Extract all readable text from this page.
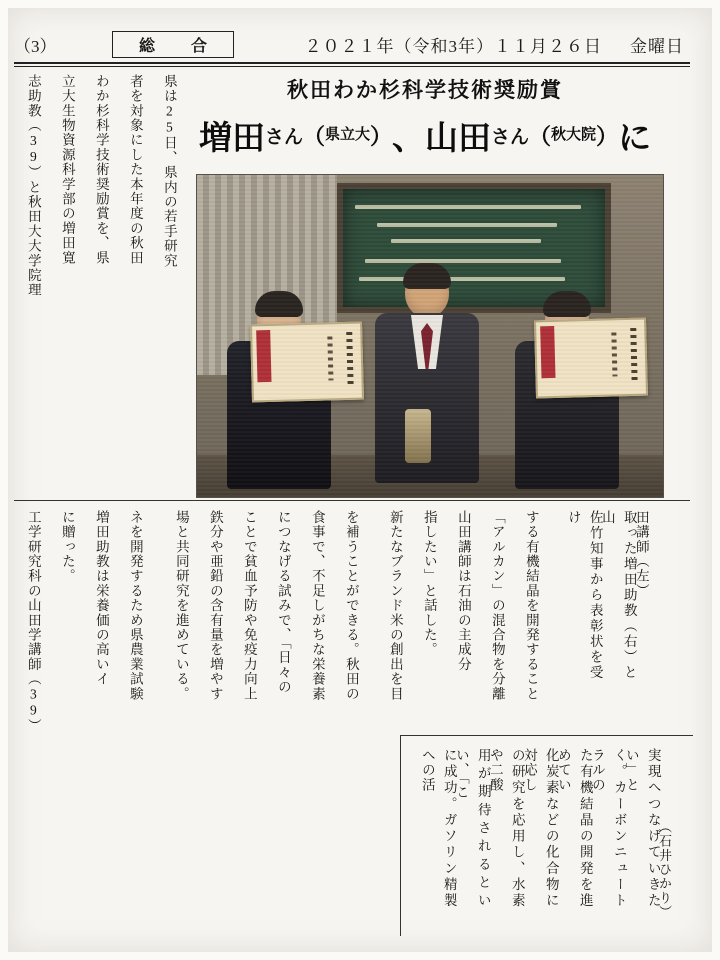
（3）	総　合	２０２１年（令和3年）１１月２６日 金曜日
秋田わか杉科学技術奨励賞
増田 さん （ 県立大 ） 、山田 さん （ 秋大院 ） に
志助教（39）と秋田大大学院理 立大生物資源科学部の増田寛 わか杉科学技術奨励賞を、県 者を対象にした本年度の秋田 県は25日、県内の若手研究
工学研究科の山田学講師（39） に贈った。 増田助教は栄養価の高いイ ネを開発するため県農業試験 場と共同研究を進めている。 鉄分や亜鉛の含有量を増やす ことで貧血予防や免疫力向上 につなげる試みで、「日々の 食事で、不足しがちな栄養素 を補うことができる。秋田の 新たなブランド米の創出を目 指したい」と話した。 山田講師は石油の主成分 「アルカン」の混合物を分離 する有機結晶を開発すること	佐竹知事から表彰状を受け	取った増田助教（右）と山	田講師（左）
に成功。ガソリン精製への活	用が期待されるといい、「こ	の研究を応用し、水素や二酸	化炭素などの化合物に対応し	た有機結晶の開発を進めてい	く。カーボンニュートラルの	実現へつなげていきたい」と
（石井ひかり）
